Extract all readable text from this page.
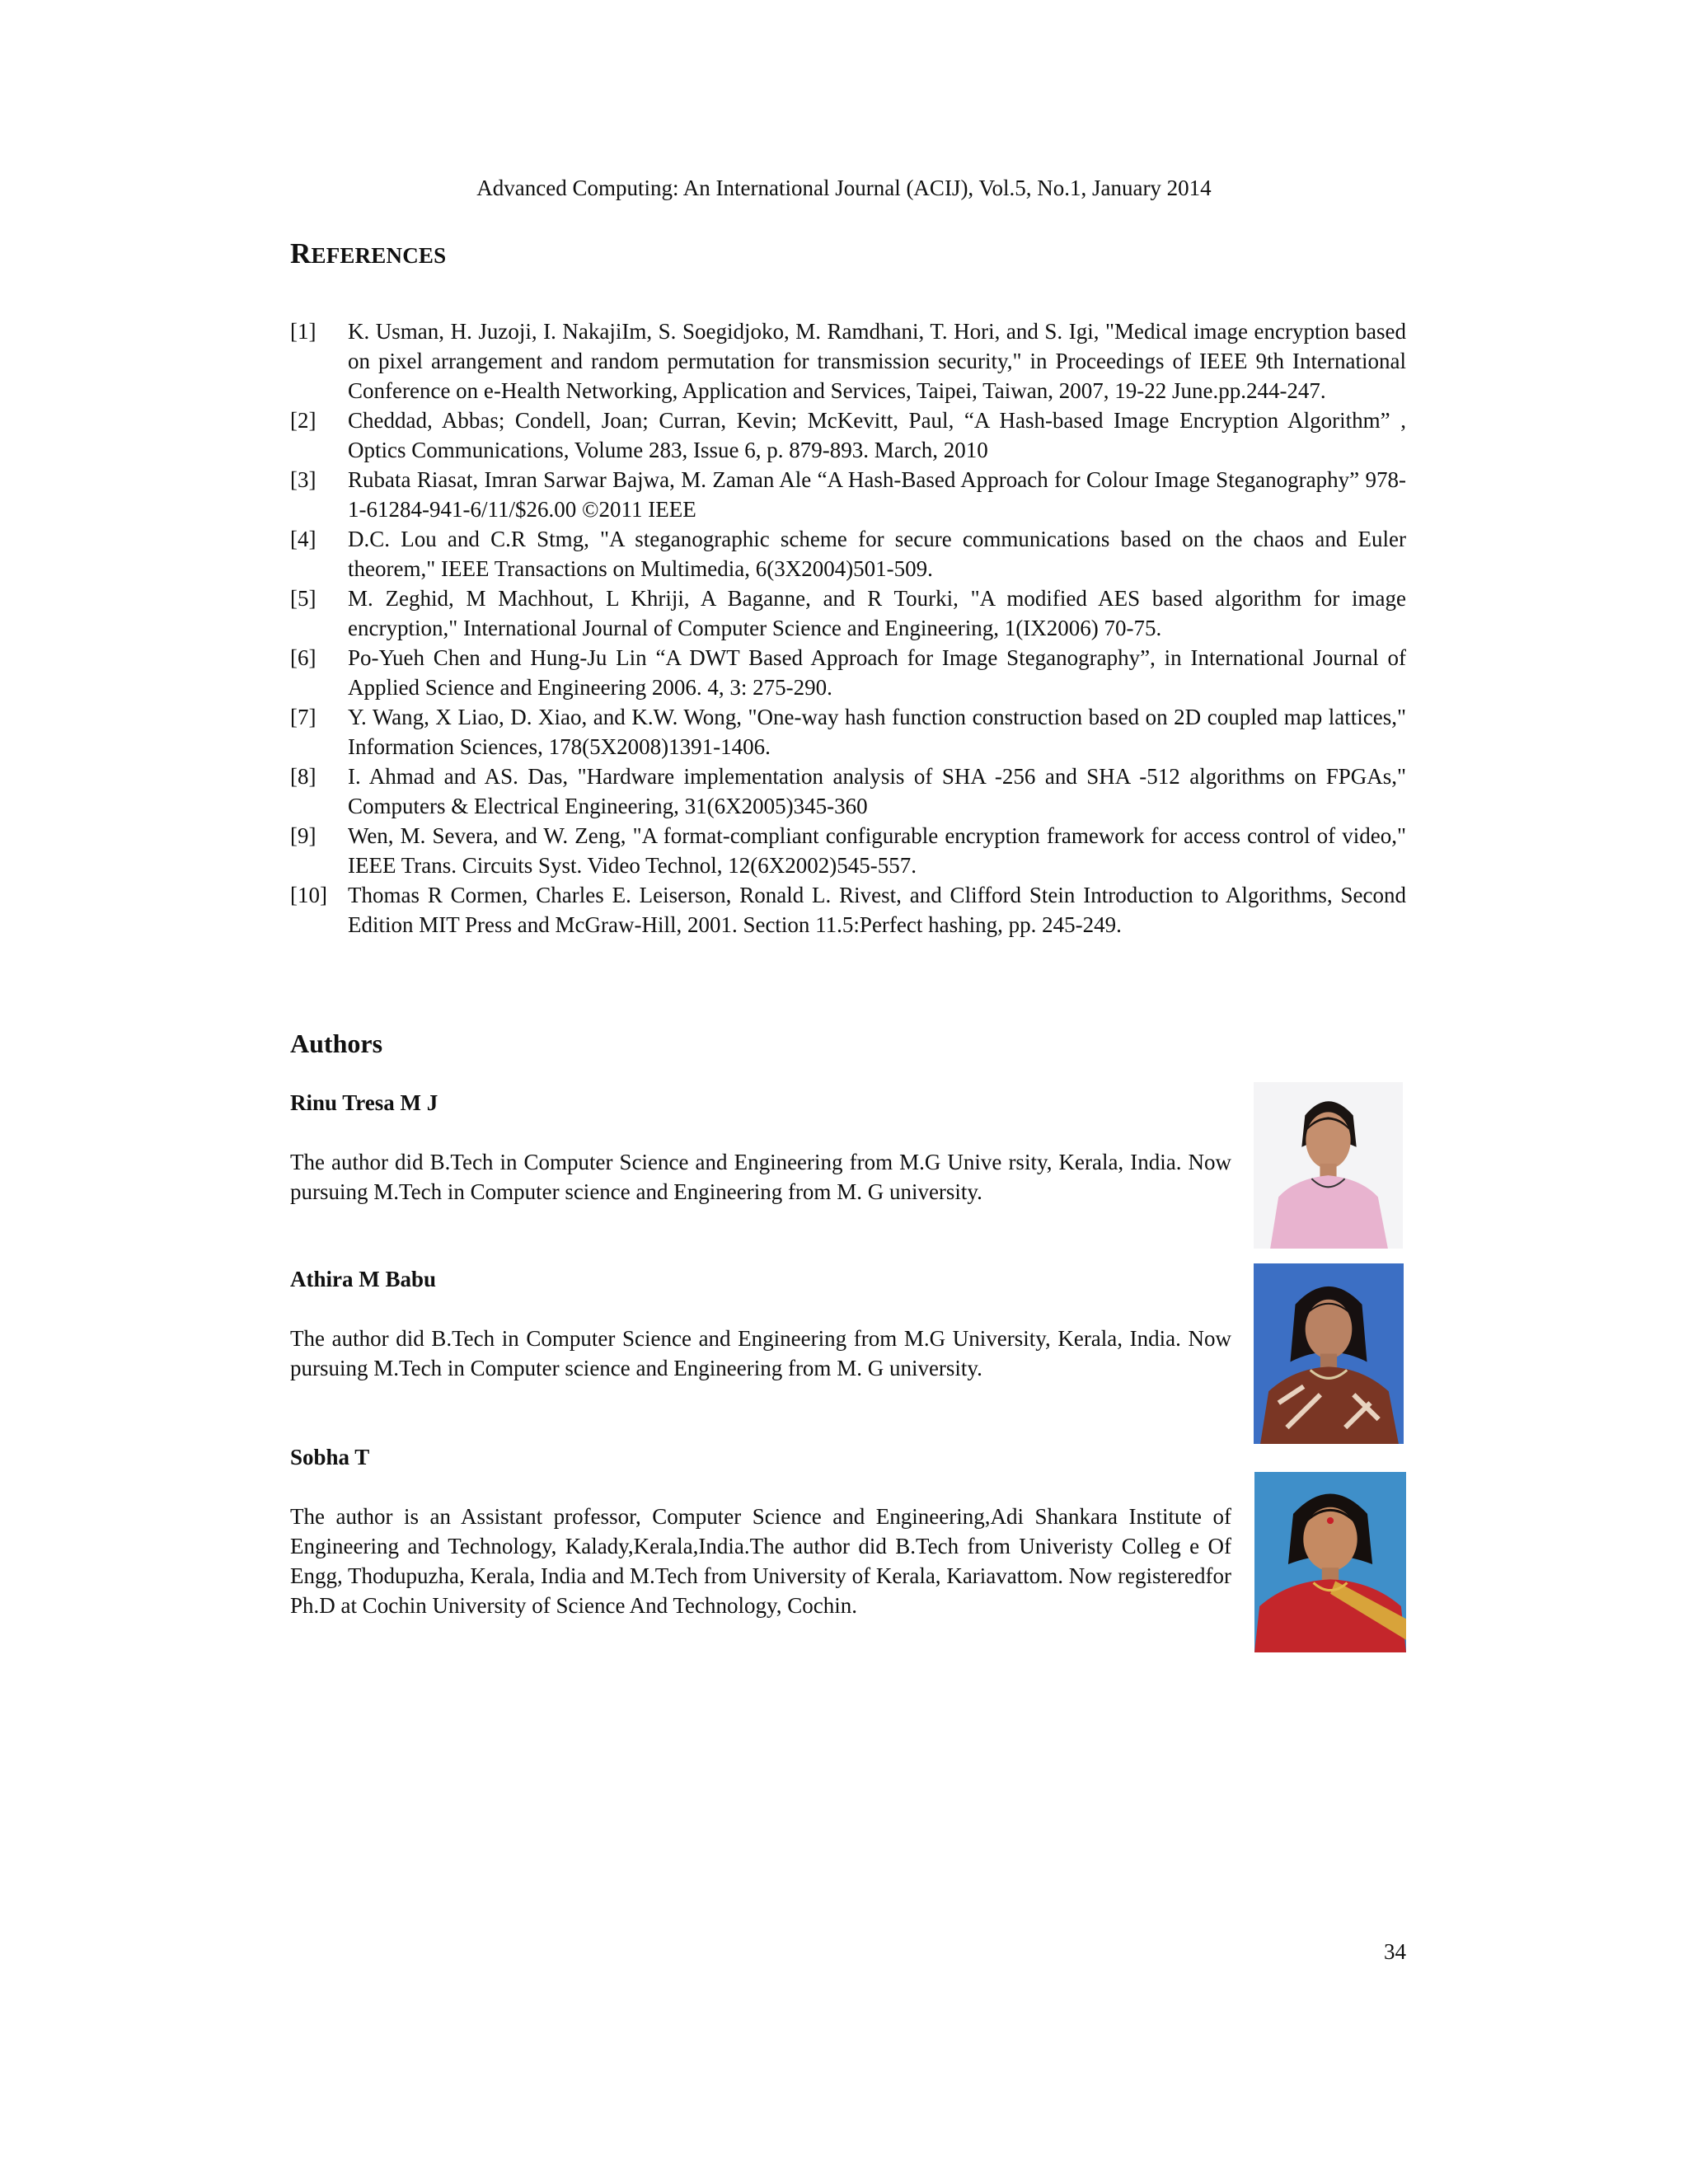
Advanced Computing: An International Journal (ACIJ), Vol.5, No.1, January 2014
REFERENCES
[1] K. Usman, H. Juzoji, I. NakajiIm, S. Soegidjoko, M. Ramdhani, T. Hori, and S. Igi, "Medical image encryption based on pixel arrangement and random permutation for transmission security," in Proceedings of IEEE 9th International Conference on e-Health Networking, Application and Services, Taipei, Taiwan, 2007, 19-22 June.pp.244-247.
[2] Cheddad, Abbas; Condell, Joan; Curran, Kevin; McKevitt, Paul, “A Hash-based Image Encryption Algorithm” , Optics Communications, Volume 283, Issue 6, p. 879-893. March, 2010
[3] Rubata Riasat, Imran Sarwar Bajwa, M. Zaman Ale “A Hash-Based Approach for Colour Image Steganography” 978-1-61284-941-6/11/$26.00 ©2011 IEEE
[4] D.C. Lou and C.R Stmg, "A steganographic scheme for secure communications based on the chaos and Euler theorem," IEEE Transactions on Multimedia, 6(3X2004)501-509.
[5] M. Zeghid, M Machhout, L Khriji, A Baganne, and R Tourki, "A modified AES based algorithm for image encryption," International Journal of Computer Science and Engineering, 1(IX2006) 70-75.
[6] Po-Yueh Chen and Hung-Ju Lin “A DWT Based Approach for Image Steganography”, in International Journal of Applied Science and Engineering 2006. 4, 3: 275-290.
[7] Y. Wang, X Liao, D. Xiao, and K.W. Wong, "One-way hash function construction based on 2D coupled map lattices," Information Sciences, 178(5X2008)1391-1406.
[8] I. Ahmad and AS. Das, "Hardware implementation analysis of SHA -256 and SHA -512 algorithms on FPGAs," Computers & Electrical Engineering, 31(6X2005)345-360
[9] Wen, M. Severa, and W. Zeng, "A format-compliant configurable encryption framework for access control of video," IEEE Trans. Circuits Syst. Video Technol, 12(6X2002)545-557.
[10] Thomas R Cormen, Charles E. Leiserson, Ronald L. Rivest, and Clifford Stein Introduction to Algorithms, Second Edition MIT Press and McGraw-Hill, 2001. Section 11.5:Perfect hashing, pp. 245-249.
Authors
Rinu Tresa M J
The author did B.Tech in Computer Science and Engineering from M.G Unive rsity, Kerala, India. Now pursuing M.Tech in Computer science and Engineering from M. G university.
Athira M Babu
The author did B.Tech in Computer Science and Engineering from M.G University, Kerala, India. Now pursuing M.Tech in Computer science and Engineering from M. G university.
Sobha T
The author is an Assistant professor, Computer Science and Engineering,Adi Shankara Institute of Engineering and Technology, Kalady,Kerala,India.The author did B.Tech from Univeristy Colleg e Of Engg, Thodupuzha, Kerala, India and M.Tech from University of Kerala, Kariavattom. Now registeredfor Ph.D at Cochin University of Science And Technology, Cochin.
34
